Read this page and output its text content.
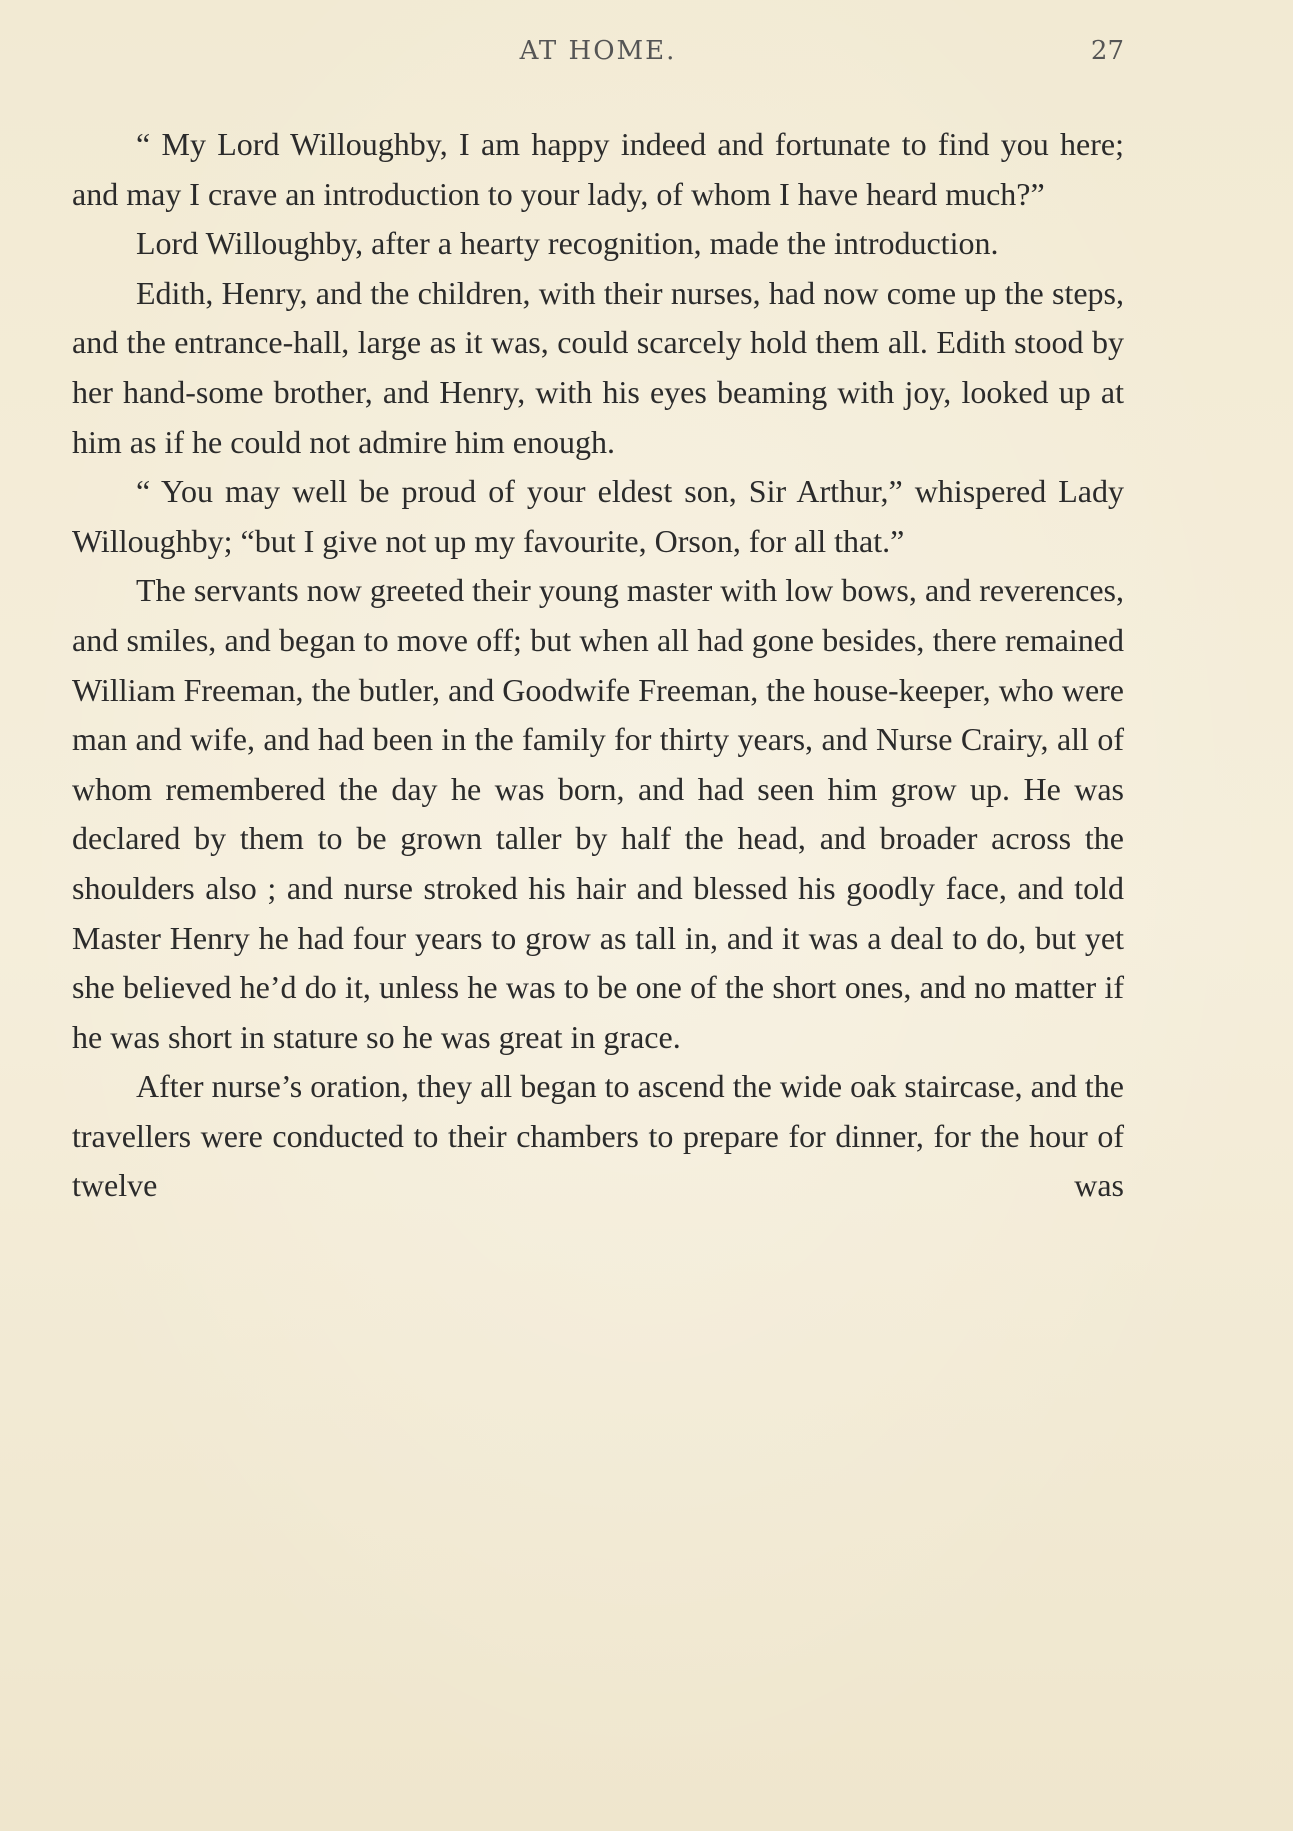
AT HOME.	27

“ My Lord Willoughby, I am happy indeed and fortunate to find you here; and may I crave an introduction to your lady, of whom I have heard much?”

Lord Willoughby, after a hearty recognition, made the introduction.

Edith, Henry, and the children, with their nurses, had now come up the steps, and the entrance-hall, large as it was, could scarcely hold them all. Edith stood by her hand-some brother, and Henry, with his eyes beaming with joy, looked up at him as if he could not admire him enough.

“ You may well be proud of your eldest son, Sir Arthur,” whispered Lady Willoughby; “but I give not up my favourite, Orson, for all that.”

The servants now greeted their young master with low bows, and reverences, and smiles, and began to move off; but when all had gone besides, there remained William Freeman, the butler, and Goodwife Freeman, the house-keeper, who were man and wife, and had been in the family for thirty years, and Nurse Crairy, all of whom remembered the day he was born, and had seen him grow up. He was declared by them to be grown taller by half the head, and broader across the shoulders also ; and nurse stroked his hair and blessed his goodly face, and told Master Henry he had four years to grow as tall in, and it was a deal to do, but yet she believed he’d do it, unless he was to be one of the short ones, and no matter if he was short in stature so he was great in grace.

After nurse’s oration, they all began to ascend the wide oak staircase, and the travellers were conducted to their chambers to prepare for dinner, for the hour of twelve was
